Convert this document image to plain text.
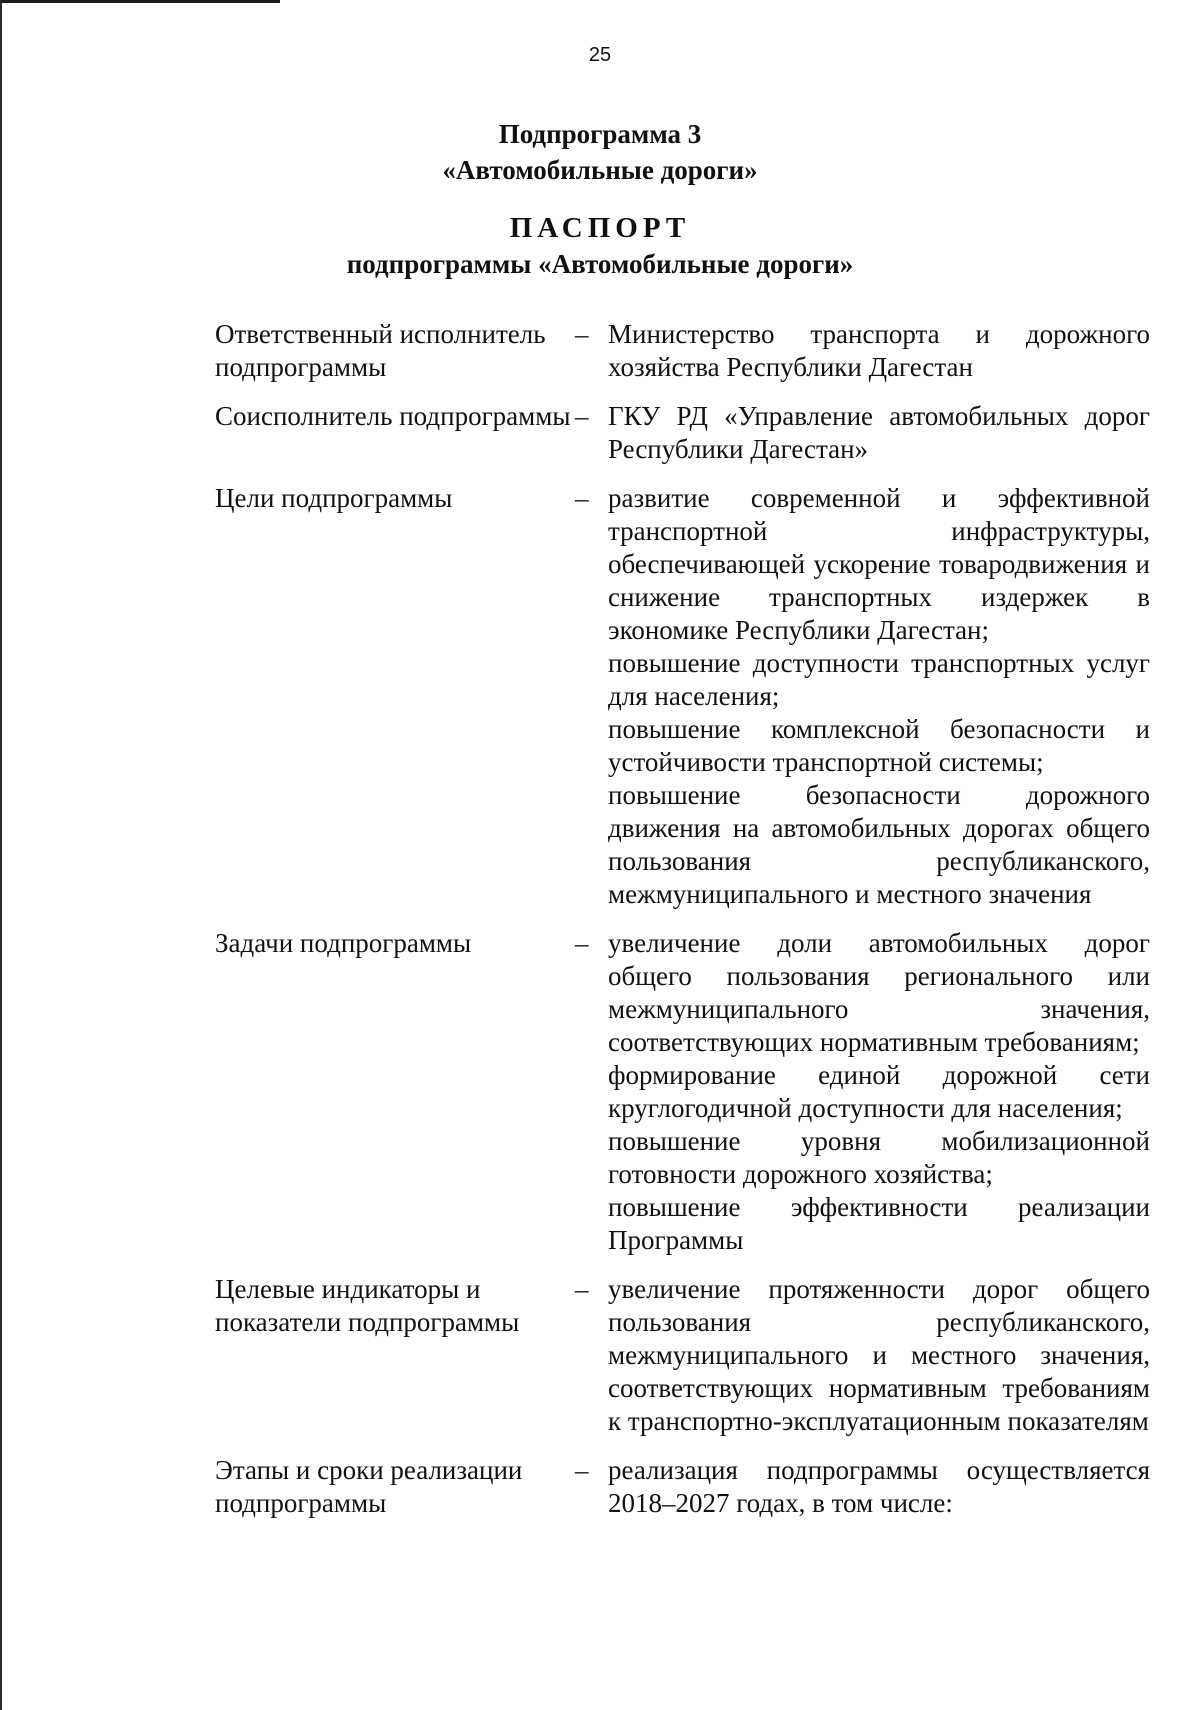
25
Подпрограмма 3
«Автомобильные дороги»
ПАСПОРТ
подпрограммы «Автомобильные дороги»
Ответственный исполнитель подпрограммы
– Министерство транспорта и дорожного хозяйства Республики Дагестан

Соисполнитель подпрограммы – ГКУ РД «Управление автомобильных дорог Республики Дагестан»

Цели подпрограммы	– развитие современной и эффективной транспортной инфраструктуры, обеспечивающей ускорение товародвижения и снижение транспортных издержек в экономике Республики Дагестан;

повышение доступности транспортных услуг для населения;

повышение комплексной безопасности и устойчивости транспортной системы;

повышение безопасности дорожного движения на автомобильных дорогах общего пользования республиканского, межмуниципального и местного значения

Задачи подпрограммы	– увеличение доли автомобильных дорог общего пользования регионального или межмуниципального значения, соответствующих нормативным требованиям;

формирование единой дорожной сети круглогодичной доступности для населения;

повышение уровня мобилизационной готовности дорожного хозяйства;

повышение эффективности реализации Программы

Целевые индикаторы и показатели подпрограммы
– увеличение протяженности дорог общего пользования республиканского, межмуниципального и местного значения, соответствующих нормативным требованиям к транспортно-эксплуатационным показателям

Этапы и сроки реализации подпрограммы
– реализация подпрограммы осуществляется 2018–2027 годах, в том числе:
